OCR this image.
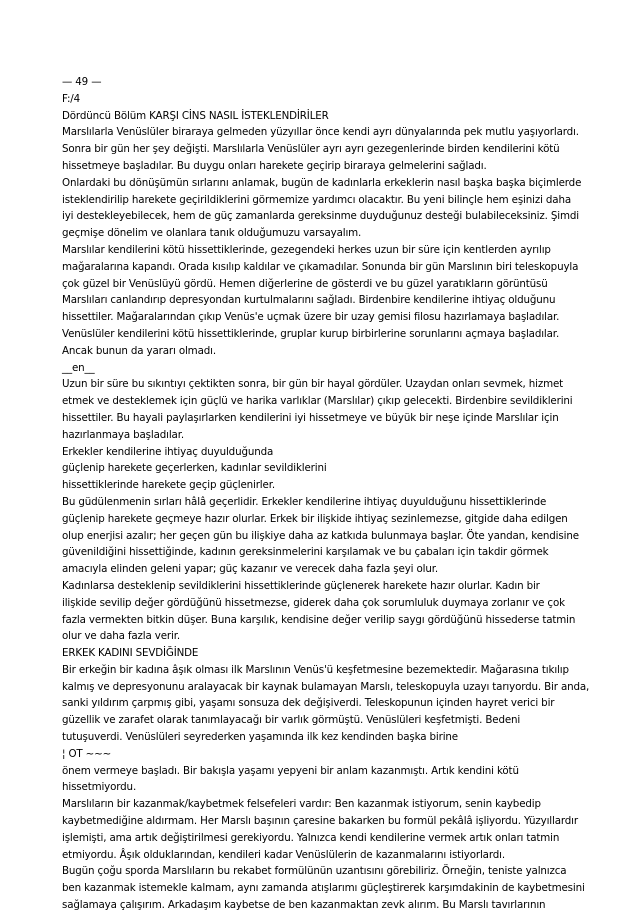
— 49 —
F:/4
Dördüncü Bölüm KARŞI CİNS NASIL İSTEKLENDİRİLER
Marslılarla Venüslüler biraraya gelmeden yüzyıllar önce kendi ayrı dünyalarında pek mutlu yaşıyorlardı.
Sonra bir gün her şey değişti. Marslılarla Venüslüler ayrı ayrı gezegenlerinde birden kendilerini kötü
hissetmeye başladılar. Bu duygu onları harekete geçirip biraraya gelmelerini sağladı.
Onlardaki bu dönüşümün sırlarını anlamak, bugün de kadınlarla erkeklerin nasıl başka başka biçimlerde
isteklendirilip harekete geçirildiklerini görmemize yardımcı olacaktır. Bu yeni bilinçle hem eşinizi daha
iyi destekleyebilecek, hem de güç zamanlarda gereksinme duyduğunuz desteği bulabileceksiniz. Şimdi
geçmişe dönelim ve olanlara tanık olduğumuzu varsayalım.
Marslılar kendilerini kötü hissettiklerinde, gezegendeki herkes uzun bir süre için kentlerden ayrılıp
mağaralarına kapandı. Orada kısılıp kaldılar ve çıkamadılar. Sonunda bir gün Marslının biri teleskopuyla
çok güzel bir Venüslüyü gördü. Hemen diğerlerine de gösterdi ve bu güzel yaratıkların görüntüsü
Marslıları canlandırıp depresyondan kurtulmalarını sağladı. Birdenbire kendilerine ihtiyaç olduğunu
hissettiler. Mağaralarından çıkıp Venüs'e uçmak üzere bir uzay gemisi filosu hazırlamaya başladılar.
Venüslüler kendilerini kötü hissettiklerinde, gruplar kurup birbirlerine sorunlarını açmaya başladılar.
Ancak bunun da yararı olmadı.
__en__
Uzun bir süre bu sıkıntıyı çektikten sonra, bir gün bir hayal gördüler. Uzaydan onları sevmek, hizmet
etmek ve desteklemek için güçlü ve harika varlıklar (Marslılar) çıkıp gelecekti. Birdenbire sevildiklerini
hissettiler. Bu hayali paylaşırlarken kendilerini iyi hissetmeye ve büyük bir neşe içinde Marslılar için
hazırlanmaya başladılar.
Erkekler kendilerine ihtiyaç duyulduğunda
güçlenip harekete geçerlerken, kadınlar sevildiklerini
hissettiklerinde harekete geçip güçlenirler.
Bu güdülenmenin sırları hâlâ geçerlidir. Erkekler kendilerine ihtiyaç duyulduğunu hissettiklerinde
güçlenip harekete geçmeye hazır olurlar. Erkek bir ilişkide ihtiyaç sezinlemezse, gitgide daha edilgen
olup enerjisi azalır; her geçen gün bu ilişkiye daha az katkıda bulunmaya başlar. Öte yandan, kendisine
güvenildiğini hissettiğinde, kadının gereksinmelerini karşılamak ve bu çabaları için takdir görmek
amacıyla elinden geleni yapar; güç kazanır ve verecek daha fazla şeyi olur.
Kadınlarsa desteklenip sevildiklerini hissettiklerinde güçlenerek harekete hazır olurlar. Kadın bir
ilişkide sevilip değer gördüğünü hissetmezse, giderek daha çok sorumluluk duymaya zorlanır ve çok
fazla vermekten bitkin düşer. Buna karşılık, kendisine değer verilip saygı gördüğünü hissederse tatmin
olur ve daha fazla verir.
ERKEK KADINI SEVDİĞİNDE
Bir erkeğin bir kadına âşık olması ilk Marslının Venüs'ü keşfetmesine bezemektedir. Mağarasına tıkılıp
kalmış ve depresyonunu aralayacak bir kaynak bulamayan Marslı, teleskopuyla uzayı tarıyordu. Bir anda,
sanki yıldırım çarpmış gibi, yaşamı sonsuza dek değişiverdi. Teleskopunun içinden hayret verici bir
güzellik ve zarafet olarak tanımlayacağı bir varlık görmüştü. Venüslüleri keşfetmişti. Bedeni
tutuşuverdi. Venüslüleri seyrederken yaşamında ilk kez kendinden başka birine
¦ OT ~~~
önem vermeye başladı. Bir bakışla yaşamı yepyeni bir anlam kazanmıştı. Artık kendini kötü
hissetmiyordu.
Marslıların bir kazanmak/kaybetmek felsefeleri vardır: Ben kazanmak istiyorum, senin kaybedip
kaybetmediğine aldırmam. Her Marslı başının çaresine bakarken bu formül pekâlâ işliyordu. Yüzyıllardır
işlemişti, ama artık değiştirilmesi gerekiyordu. Yalnızca kendi kendilerine vermek artık onları tatmin
etmiyordu. Âşık olduklarından, kendileri kadar Venüslülerin de kazanmalarını istiyorlardı.
Bugün çoğu sporda Marslıların bu rekabet formülünün uzantısını görebiliriz. Örneğin, teniste yalnızca
ben kazanmak istemekle kalmam, aynı zamanda atışlarımı güçleştirerek karşımdakinin de kaybetmesini
sağlamaya çalışırım. Arkadaşım kaybetse de ben kazanmaktan zevk alırım. Bu Marslı tavırlarının
